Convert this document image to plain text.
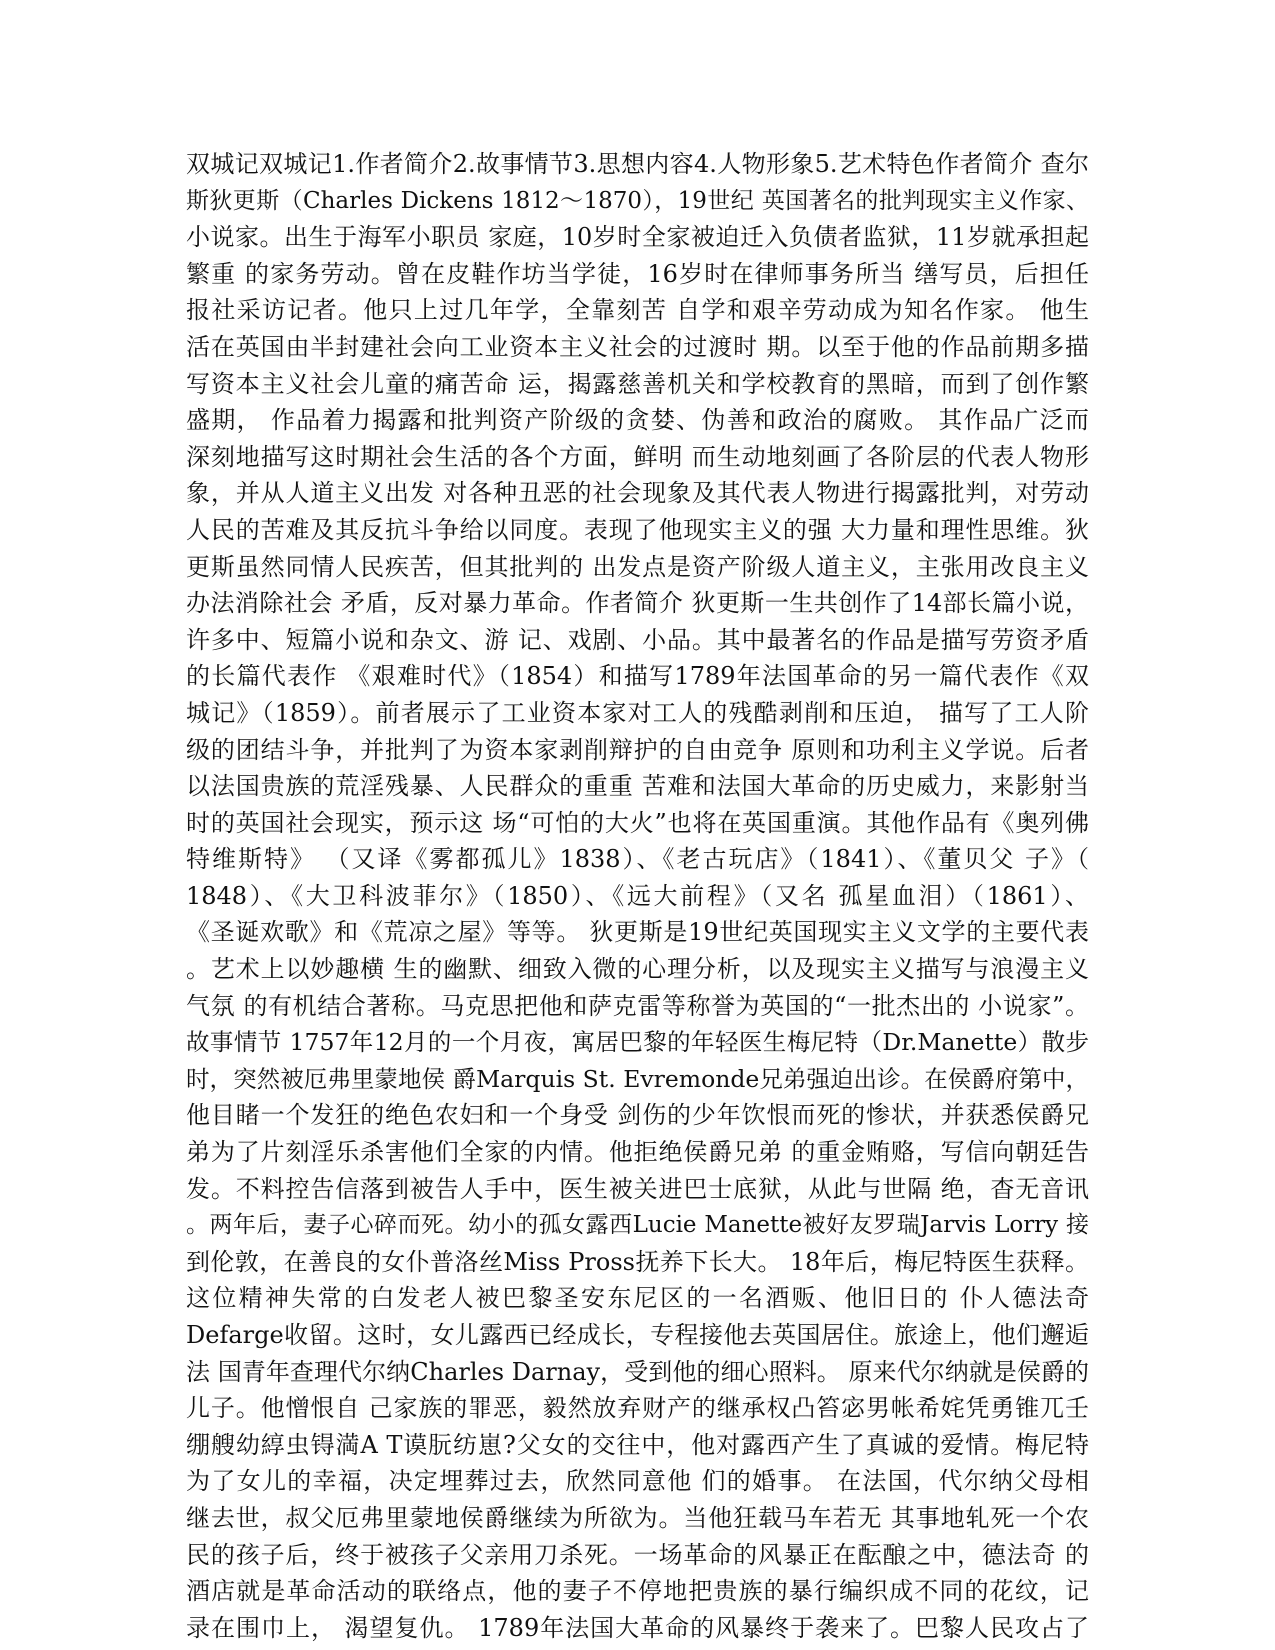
双城记双城记1.作者简介2.故事情节3.思想内容4.人物形象5.艺术特色作者简介 查尔
斯狄更斯（Charles Dickens 1812～1870），19世纪 英国著名的批判现实主义作家、
小说家。出生于海军小职员 家庭，10岁时全家被迫迁入负债者监狱，11岁就承担起
繁重 的家务劳动。曾在皮鞋作坊当学徒，16岁时在律师事务所当 缮写员，后担任
报社采访记者。他只上过几年学，全靠刻苦 自学和艰辛劳动成为知名作家。 他生
活在英国由半封建社会向工业资本主义社会的过渡时 期。以至于他的作品前期多描
写资本主义社会儿童的痛苦命 运，揭露慈善机关和学校教育的黑暗，而到了创作繁
盛期， 作品着力揭露和批判资产阶级的贪婪、伪善和政治的腐败。 其作品广泛而
深刻地描写这时期社会生活的各个方面，鲜明 而生动地刻画了各阶层的代表人物形
象，并从人道主义出发 对各种丑恶的社会现象及其代表人物进行揭露批判，对劳动
人民的苦难及其反抗斗争给以同度。表现了他现实主义的强 大力量和理性思维。狄
更斯虽然同情人民疾苦，但其批判的 出发点是资产阶级人道主义，主张用改良主义
办法消除社会 矛盾，反对暴力革命。作者简介 狄更斯一生共创作了14部长篇小说，
许多中、短篇小说和杂文、游 记、戏剧、小品。其中最著名的作品是描写劳资矛盾
的长篇代表作 《艰难时代》（1854）和描写1789年法国革命的另一篇代表作《双
城记》（1859）。前者展示了工业资本家对工人的残酷剥削和压迫， 描写了工人阶
级的团结斗争，并批判了为资本家剥削辩护的自由竞争 原则和功利主义学说。后者
以法国贵族的荒淫残暴、人民群众的重重 苦难和法国大革命的历史威力，来影射当
时的英国社会现实，预示这 场“可怕的大火”也将在英国重演。其他作品有《奥列佛
特维斯特》 （又译《雾都孤儿》1838）、《老古玩店》（1841）、《董贝父 子》（
1848）、《大卫科波菲尔》（1850）、《远大前程》（又名 孤星血泪）（1861）、
《圣诞欢歌》和《荒凉之屋》等等。 狄更斯是19世纪英国现实主义文学的主要代表
。艺术上以妙趣横 生的幽默、细致入微的心理分析，以及现实主义描写与浪漫主义
气氛 的有机结合著称。马克思把他和萨克雷等称誉为英国的“一批杰出的 小说家”。
故事情节 1757年12月的一个月夜，寓居巴黎的年轻医生梅尼特（Dr.Manette）散步
时，突然被厄弗里蒙地侯 爵Marquis St. Evremonde兄弟强迫出诊。在侯爵府第中，
他目睹一个发狂的绝色农妇和一个身受 剑伤的少年饮恨而死的惨状，并获悉侯爵兄
弟为了片刻淫乐杀害他们全家的内情。他拒绝侯爵兄弟 的重金贿赂，写信向朝廷告
发。不料控告信落到被告人手中，医生被关进巴士底狱，从此与世隔 绝，杳无音讯
。两年后，妻子心碎而死。幼小的孤女露西Lucie Manette被好友罗瑞Jarvis Lorry 接
到伦敦，在善良的女仆普洛丝Miss Pross抚养下长大。 18年后，梅尼特医生获释。
这位精神失常的白发老人被巴黎圣安东尼区的一名酒贩、他旧日的 仆人德法奇
Defarge收留。这时，女儿露西已经成长，专程接他去英国居住。旅途上，他们邂逅
法 国青年查理代尔纳Charles Darnay，受到他的细心照料。 原来代尔纳就是侯爵的
儿子。他憎恨自 己家族的罪恶，毅然放弃财产的继承权凸笞宓男帐希姹凭勇锥兀壬
绷艘幼綧虫锝満A T谟朊纺崽?父女的交往中，他对露西产生了真诚的爱情。梅尼特
为了女儿的幸福，决定埋葬过去，欣然同意他 们的婚事。 在法国，代尔纳父母相
继去世，叔父厄弗里蒙地侯爵继续为所欲为。当他狂载马车若无 其事地轧死一个农
民的孩子后，终于被孩子父亲用刀杀死。一场革命的风暴正在酝酿之中，德法奇 的
酒店就是革命活动的联络点，他的妻子不停地把贵族的暴行编织成不同的花纹，记
录在围巾上， 渴望复仇。 1789年法国大革命的风暴终于袭来了。巴黎人民攻占了
